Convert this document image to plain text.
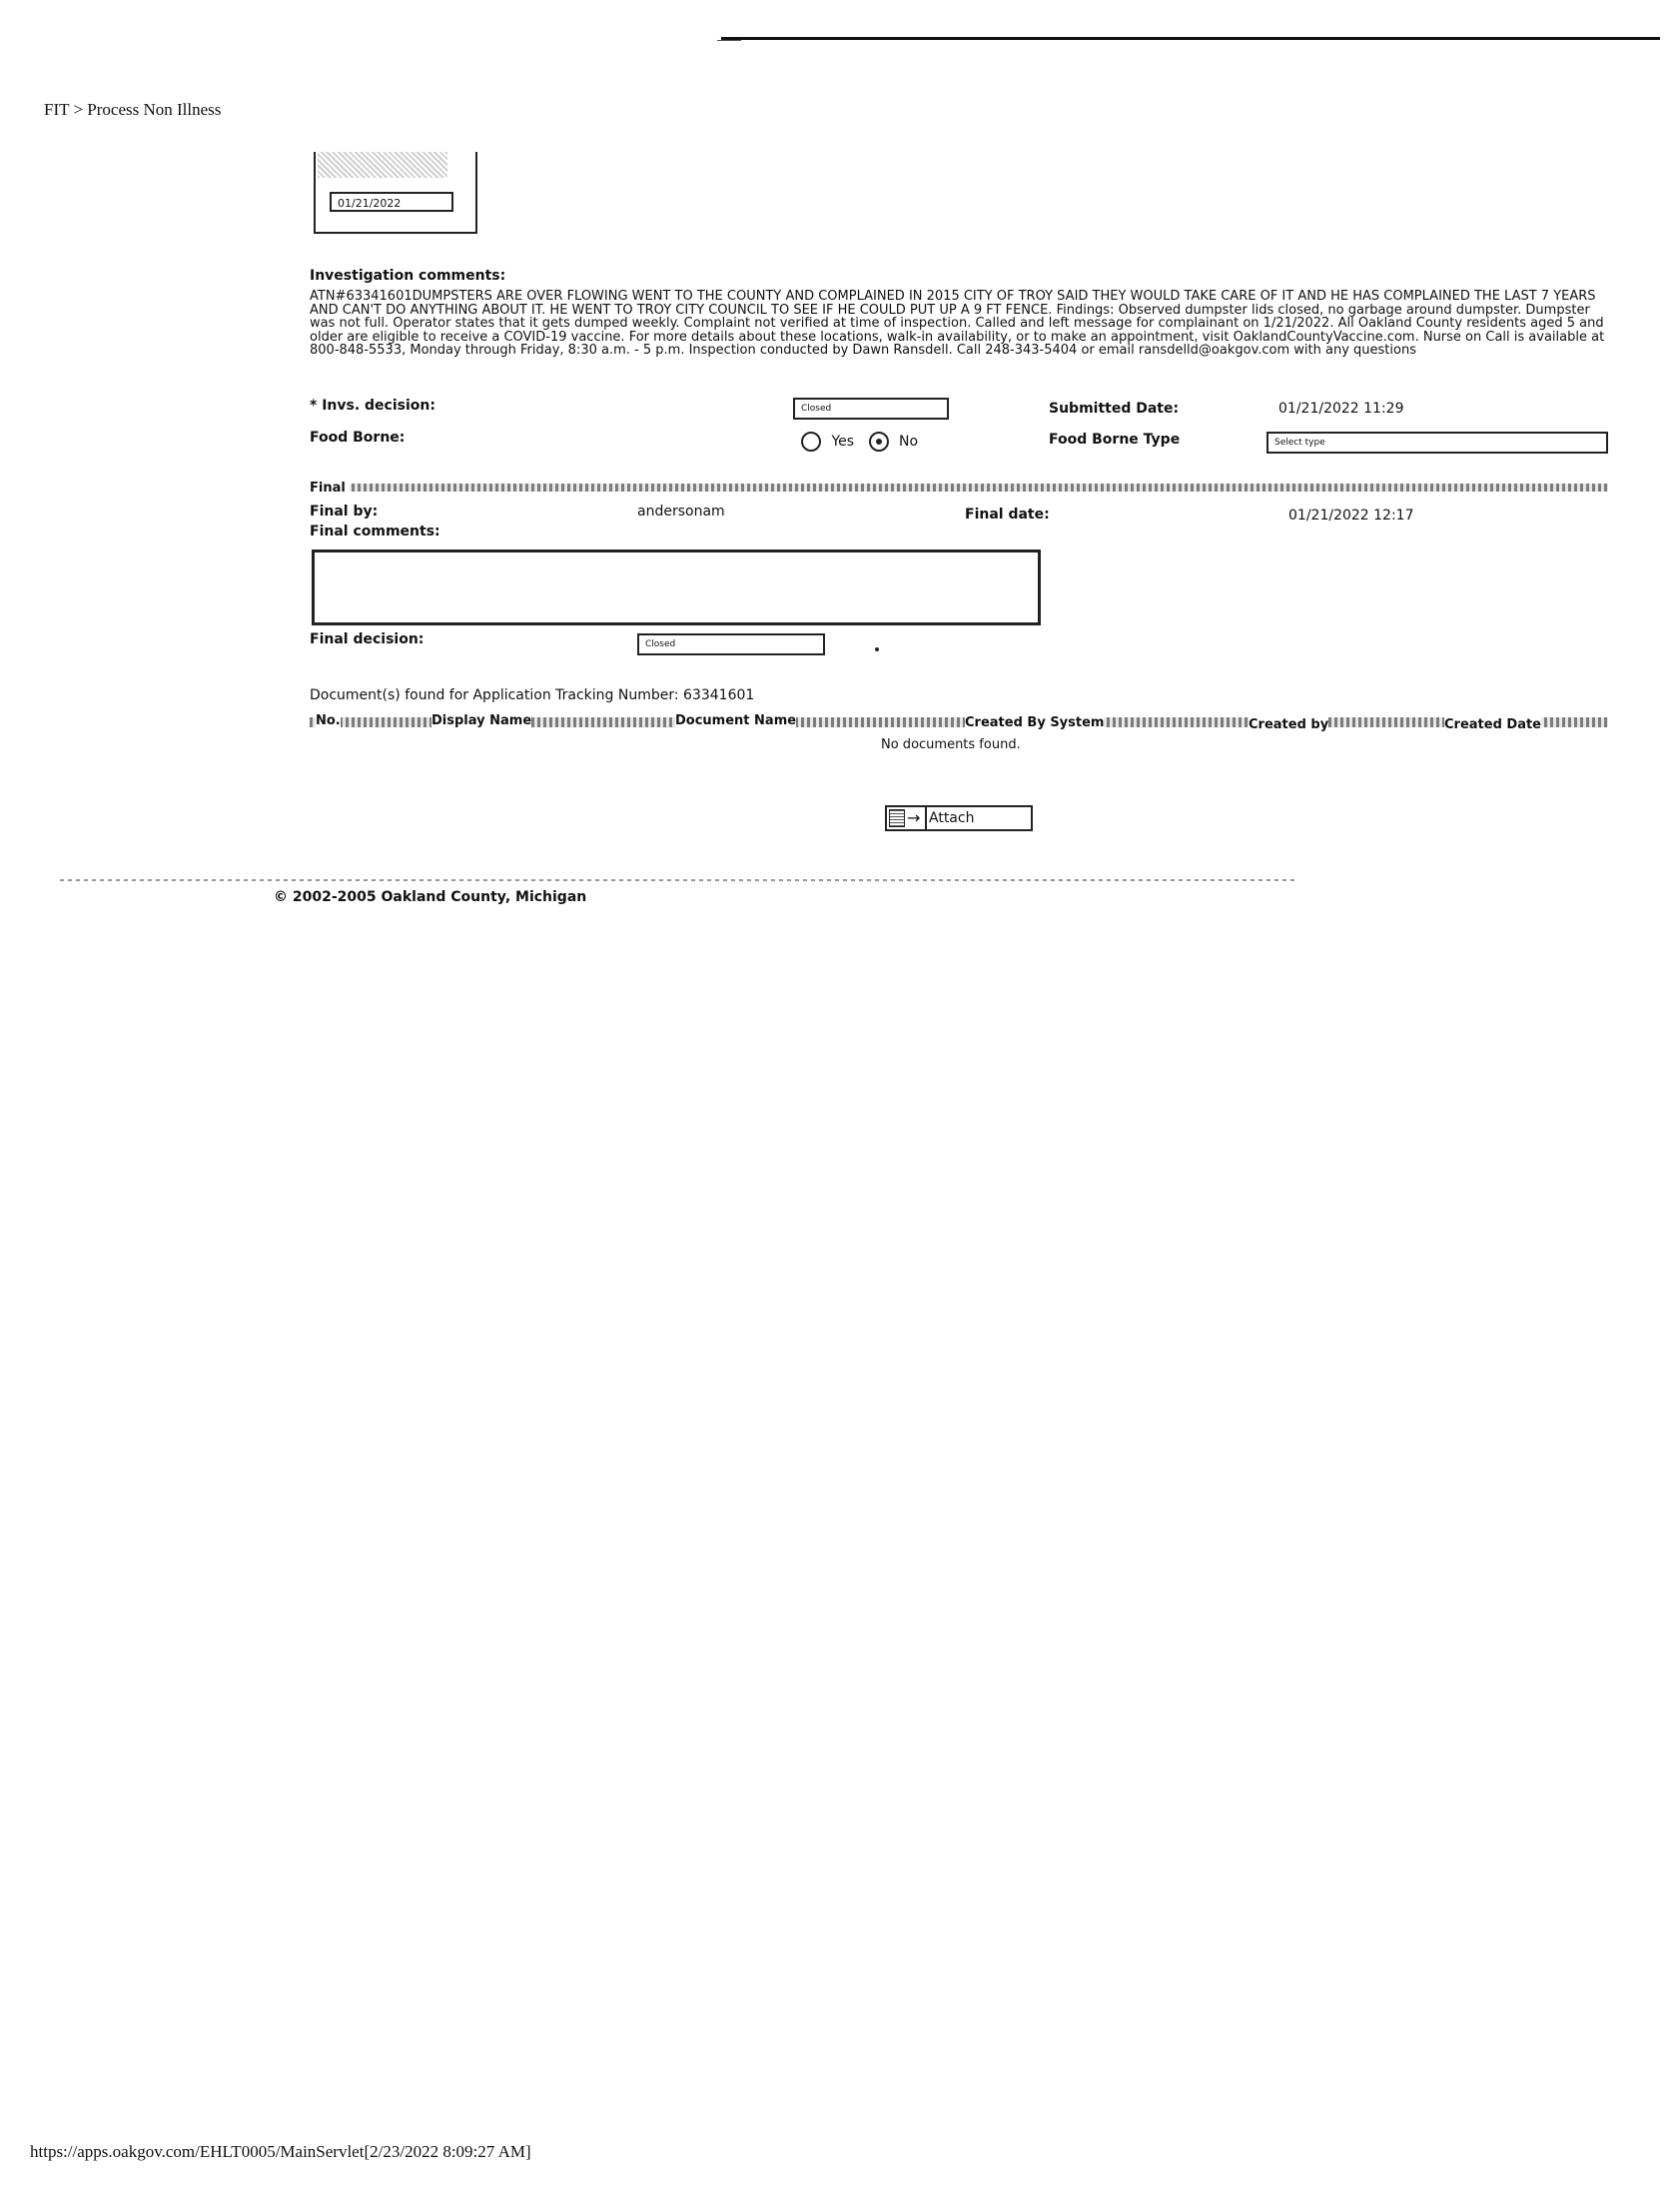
FIT > Process Non Illness
01/21/2022
Investigation comments:
ATN#63341601DUMPSTERS ARE OVER FLOWING WENT TO THE COUNTY AND COMPLAINED IN 2015 CITY OF TROY SAID THEY WOULD TAKE CARE OF IT AND HE HAS COMPLAINED THE LAST 7 YEARS AND CAN'T DO ANYTHING ABOUT IT. HE WENT TO TROY CITY COUNCIL TO SEE IF HE COULD PUT UP A 9 FT FENCE. Findings: Observed dumpster lids closed, no garbage around dumpster. Dumpster was not full. Operator states that it gets dumped weekly. Complaint not verified at time of inspection. Called and left message for complainant on 1/21/2022. All Oakland County residents aged 5 and older are eligible to receive a COVID-19 vaccine. For more details about these locations, walk-in availability, or to make an appointment, visit OaklandCountyVaccine.com. Nurse on Call is available at 800-848-5533, Monday through Friday, 8:30 a.m. - 5 p.m. Inspection conducted by Dawn Ransdell. Call 248-343-5404 or email ransdelld@oakgov.com with any questions
* Invs. decision:	Closed	Submitted Date:	01/21/2022 11:29
Food Borne:	Yes	No	Food Borne Type	Select type
Final
Final by:	andersonam	Final date:	01/21/2022 12:17
Final comments:
Final decision:	Closed
Document(s) found for Application Tracking Number: 63341601
No.	Display Name	Document Name	Created By System	Created by	Created Date
No documents found.
→ Attach
© 2002-2005 Oakland County, Michigan
https://apps.oakgov.com/EHLT0005/MainServlet[2/23/2022 8:09:27 AM]
